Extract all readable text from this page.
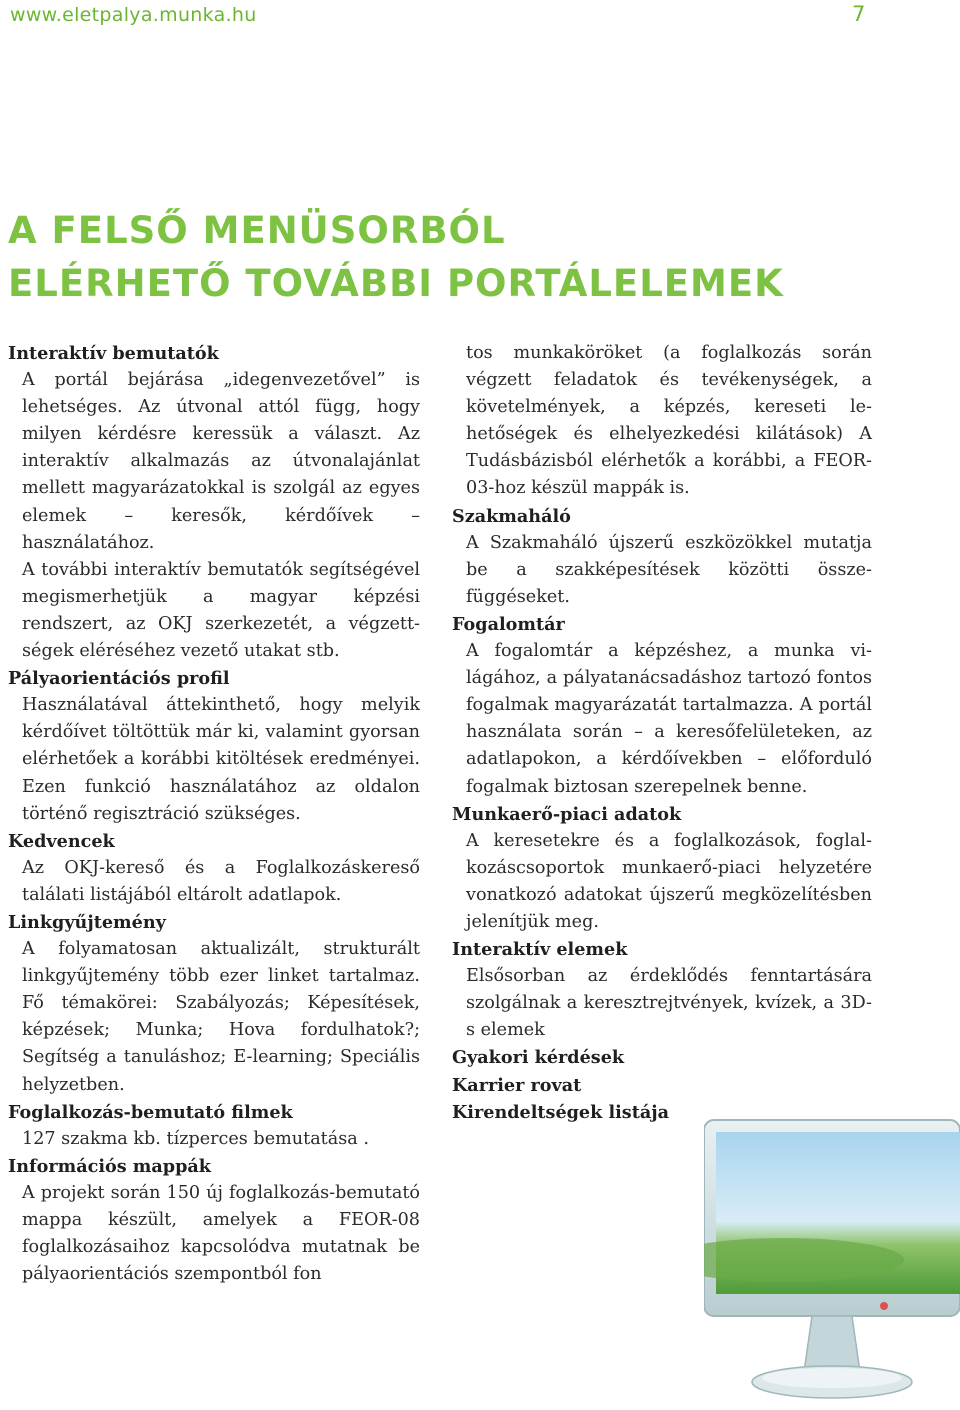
www.eletpalya.munka.hu	7
A FELSŐ MENÜSORBÓL
ELÉRHETŐ TOVÁBBI PORTÁLELEMEK
Interaktív bemutatók

A portál bejárása „idegenvezetővel” is lehetséges. Az útvonal attól függ, hogy milyen kérdésre keressük a választ. Az interaktív alkalmazás az útvonalajánlat mellett magyarázatokkal is szolgál az egyes elemek – keresők, kérdőívek – használatához.

A további interaktív bemutatók segítségével megismerhetjük a magyar képzési rendszert, az OKJ szerkezetét, a végzettségek eléréséhez vezető utakat stb.

Pályaorientációs profil

Használatával áttekinthető, hogy melyik kérdőívet töltöttük már ki, valamint gyorsan elérhetőek a korábbi kitöltések eredményei. Ezen funkció használatához az oldalon történő regisztráció szükséges.

Kedvencek

Az OKJ-kereső és a Foglalkozáskereső találati listájából eltárolt adatlapok.

Linkgyűjtemény

A folyamatosan aktualizált, strukturált linkgyűjtemény több ezer linket tartalmaz. Fő témakörei: Szabályozás; Képesítések, képzések; Munka; Hova fordulhatok?; Segítség a tanuláshoz; E-learning; Speciális helyzetben.

Foglalkozás-bemutató filmek

127 szakma kb. tízperces bemutatása .

Információs mappák

A projekt során 150 új foglalkozás-bemutató mappa készült, amelyek a FEOR-08 foglalkozásaihoz kapcsolódva mutatnak be pályaorientációs szempontból fon

tos munkaköröket (a foglalkozás során végzett feladatok és tevékenységek, a követelmények, a képzés, kereseti lehetőségek és elhelyezkedési kilátások) A Tudásbázisból elérhetők a korábbi, a FEOR-03-hoz készül mappák is.

Szakmaháló

A Szakmaháló újszerű eszközökkel mutatja be a szakképesítések közötti összefüggéseket.

Fogalomtár

A fogalomtár a képzéshez, a munka világához, a pályatanácsadáshoz tartozó fontos fogalmak magyarázatát tartalmazza. A portál használata során – a keresőfelületeken, az adatlapokon, a kérdőívekben – előforduló fogalmak biztosan szerepelnek benne.

Munkaerő-piaci adatok

A keresetekre és a foglalkozások, foglalkozáscsoportok munkaerő-piaci helyzetére vonatkozó adatokat újszerű megközelítésben jelenítjük meg.

Interaktív elemek

Elsősorban az érdeklődés fenntartására szolgálnak a keresztrejtvények, kvízek, a 3D-s elemek

Gyakori kérdések
Karrier rovat
Kirendeltségek listája
